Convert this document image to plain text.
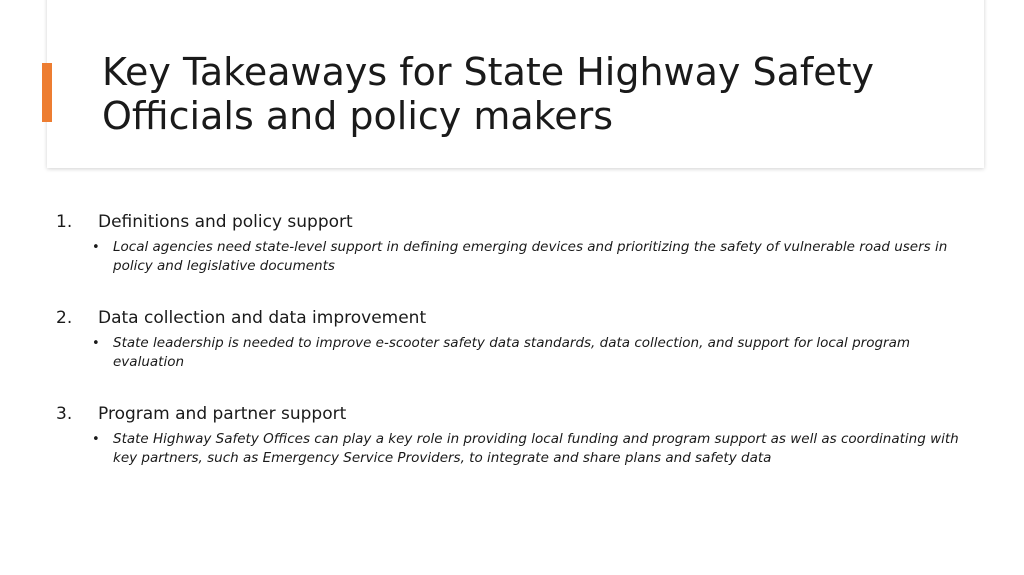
Key Takeaways for State Highway Safety Officials and policy makers
1.	Definitions and policy support
• Local agencies need state-level support in defining emerging devices and prioritizing the safety of vulnerable road users in policy and legislative documents
2.	Data collection and data improvement
• State leadership is needed to improve e-scooter safety data standards, data collection, and support for local program evaluation
3.	Program and partner support
• State Highway Safety Offices can play a key role in providing local funding and program support as well as coordinating with key partners, such as Emergency Service Providers, to integrate and share plans and safety data
